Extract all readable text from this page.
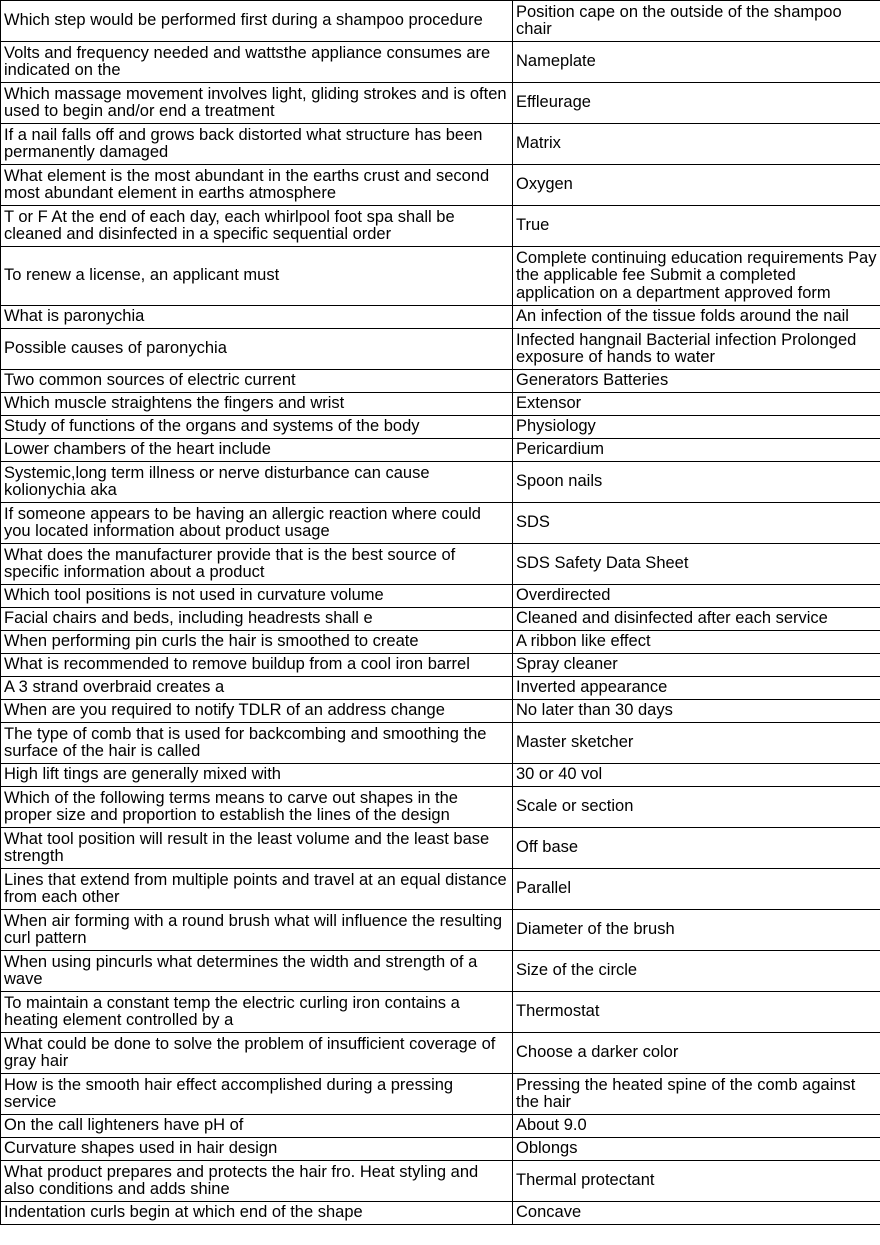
Which step would be performed first during a shampoo procedure	Position cape on the outside of the shampoo chair
Volts and frequency needed and wattsthe appliance consumes are indicated on the	Nameplate
Which massage movement involves light, gliding strokes and is often used to begin and/or end a treatment	Effleurage
If a nail falls off and grows back distorted what structure has been permanently damaged	Matrix
What element is the most abundant in the earths crust and second most abundant element in earths atmosphere	Oxygen
T or F At the end of each day, each whirlpool foot spa shall be cleaned and disinfected in a specific sequential order	True
To renew a license, an applicant must	Complete continuing education requirements Pay the applicable fee Submit a completed application on a department approved form
What is paronychia	An infection of the tissue folds around the nail
Possible causes of paronychia	Infected hangnail Bacterial infection Prolonged exposure of hands to water
Two common sources of electric current	Generators Batteries
Which muscle straightens the fingers and wrist	Extensor
Study of functions of the organs and systems of the body	Physiology
Lower chambers of the heart include	Pericardium
Systemic,long term illness or nerve disturbance can cause kolionychia aka	Spoon nails
If someone appears to be having an allergic reaction where could you located information about product usage	SDS
What does the manufacturer provide that is the best source of specific information about a product	SDS Safety Data Sheet
Which tool positions is not used in curvature volume	Overdirected
Facial chairs and beds, including headrests shall e	Cleaned and disinfected after each service
When performing pin curls the hair is smoothed to create	A ribbon like effect
What is recommended to remove buildup from a cool iron barrel	Spray cleaner
A 3 strand overbraid creates a	Inverted appearance
When are you required to notify TDLR of an address change	No later than 30 days
The type of comb that is used for backcombing and smoothing the surface of the hair is called	Master sketcher
High lift tings are generally mixed with	30 or 40 vol
Which of the following terms means to carve out shapes in the proper size and proportion to establish the lines of the design	Scale or section
What tool position will result in the least volume and the least base strength	Off base
Lines that extend from multiple points and travel at an equal distance from each other	Parallel
When air forming with a round brush what will influence the resulting curl pattern	Diameter of the brush
When using pincurls what determines the width and strength of a wave	Size of the circle
To maintain a constant temp the electric curling iron contains a heating element controlled by a	Thermostat
What could be done to solve the problem of insufficient coverage of gray hair	Choose a darker color
How is the smooth hair effect accomplished during a pressing service	Pressing the heated spine of the comb against the hair
On the call lighteners have pH of	About 9.0
Curvature shapes used in hair design	Oblongs
What product prepares and protects the hair fro. Heat styling and also conditions and adds shine	Thermal protectant
Indentation curls begin at which end of the shape	Concave
